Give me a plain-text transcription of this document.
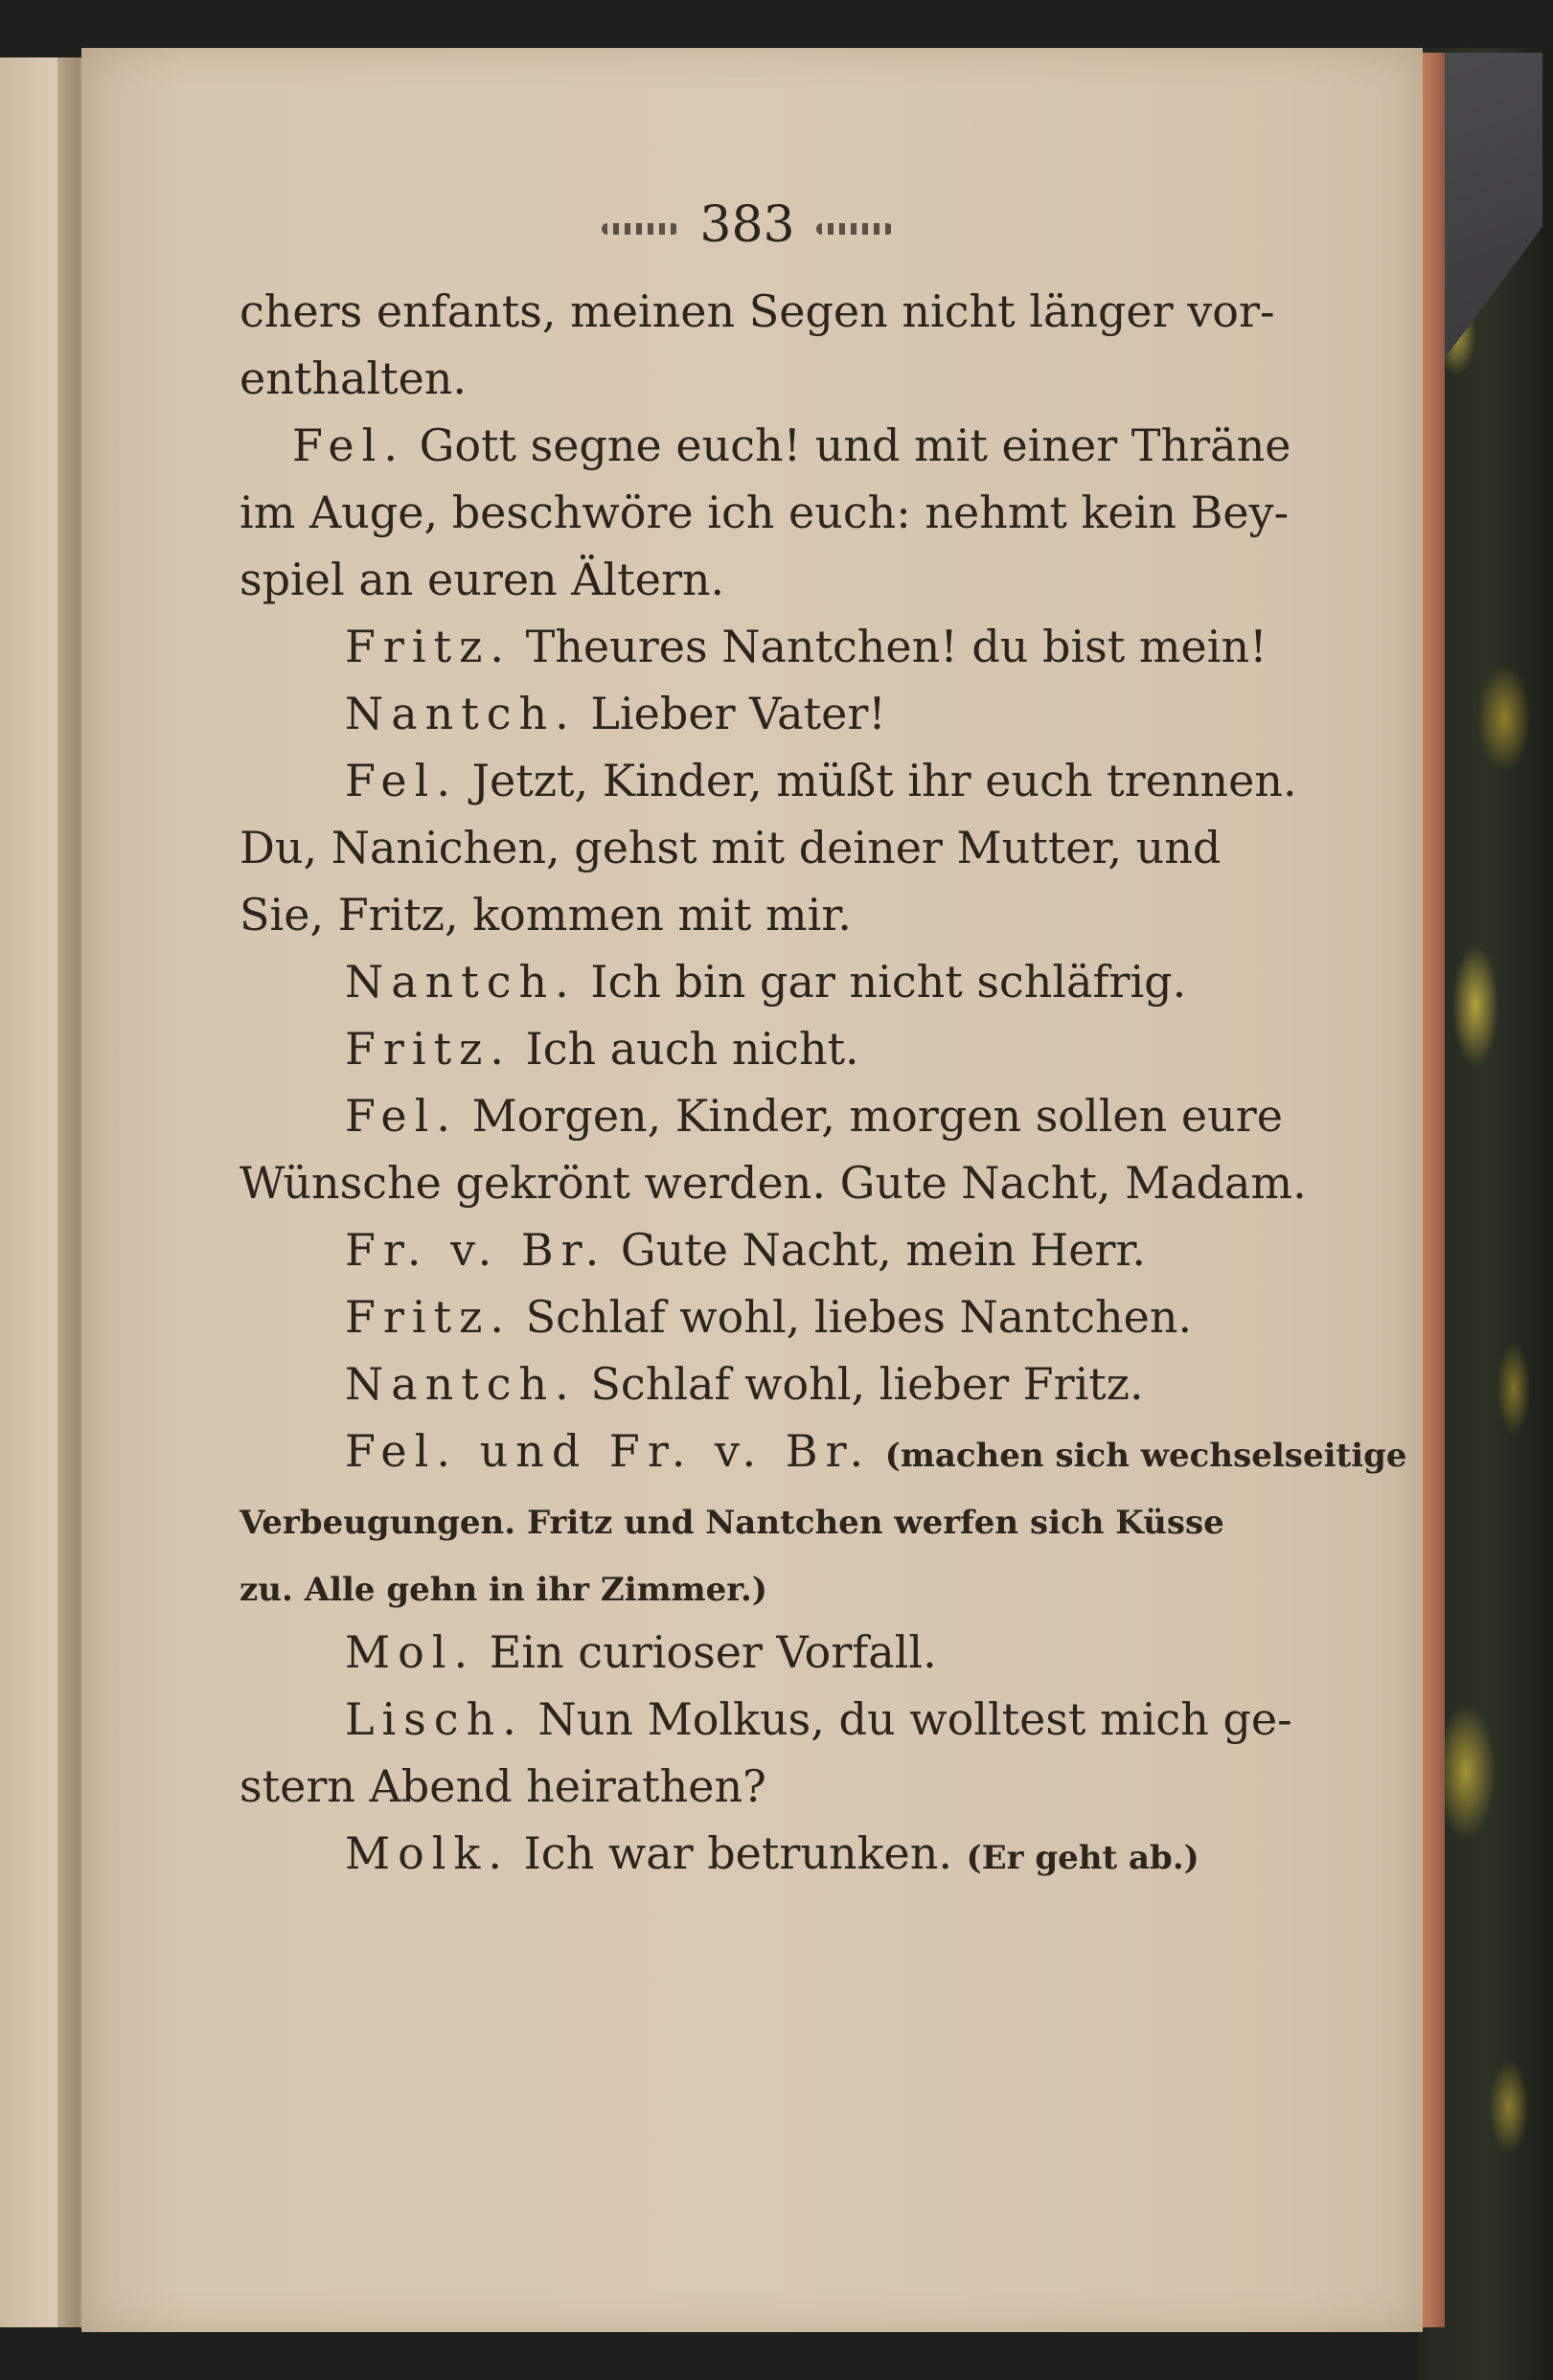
383
chers enfants, meinen Segen nicht länger vor-
enthalten.
Fel. Gott segne euch! und mit einer Thräne
im Auge, beschwöre ich euch: nehmt kein Bey-
spiel an euren Ältern.
Fritz. Theures Nantchen! du bist mein!
Nantch. Lieber Vater!
Fel. Jetzt, Kinder, müßt ihr euch trennen.
Du, Nanichen, gehst mit deiner Mutter, und
Sie, Fritz, kommen mit mir.
Nantch. Ich bin gar nicht schläfrig.
Fritz. Ich auch nicht.
Fel. Morgen, Kinder, morgen sollen eure
Wünsche gekrönt werden. Gute Nacht, Madam.
Fr. v. Br. Gute Nacht, mein Herr.
Fritz. Schlaf wohl, liebes Nantchen.
Nantch. Schlaf wohl, lieber Fritz.
Fel. und Fr. v. Br. (machen sich wechselseitige
Verbeugungen. Fritz und Nantchen werfen sich Küsse
zu. Alle gehn in ihr Zimmer.)
Mol. Ein curioser Vorfall.
Lisch. Nun Molkus, du wolltest mich ge-
stern Abend heirathen?
Molk. Ich war betrunken. (Er geht ab.)
